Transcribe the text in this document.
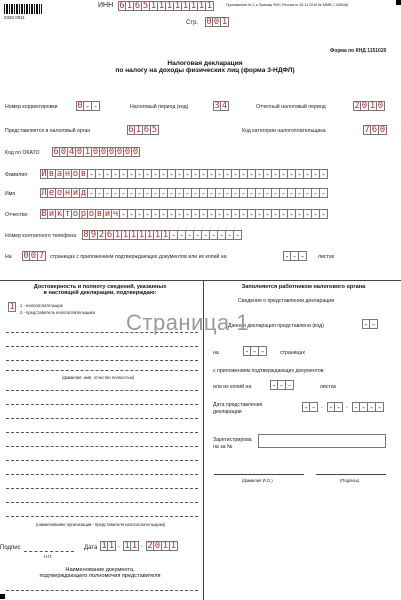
0320 0011
ИНН 6 1 6 5 1 1 1 1 1 1 1 1	Приложение № 1 к Приказу ФНС России от 25.11.2010 № ММВ-7-3/654@
Стр. 0 0 1
Форма по КНД 1151020
Налоговая декларация
по налогу на доходы физических лиц (форма 3-НДФЛ)
Номер корректировки 0 - -	Налоговый период (код)	3 4	Отчетный налоговый период	2 0 1 0
Представляется в налоговый орган	6 1 6 5	Код категории налогоплательщика	7 6 0
Код по ОКАТО 6 0 4 0 1 0 0 0 0 0 0
Фамилия И в а н о в - - - - - - - - - - - - - - - - - - - - - - - - - - - - - -
Имя	Л е о н и д - - - - - - - - - - - - - - - - - - - - - - - - - - - - - -
Отчество В и к т о р о в и ч - - - - - - - - - - - - - - - - - - - - - - - - - -
Номер контактного телефона 8 9 2 6 1 1 1 1 1 1 1 - - - - - - - - -
На 0 0 7	страницах с приложением подтверждающих документов или их копий на	- - -	листах
Достоверность и полноту сведений, указанных
в настоящей декларации, подтверждаю:
1	1 - налогоплательщик
2 - представитель налогоплательщика
(фамилия, имя, отчество полностью)
(наименование организации - представителя налогоплательщика)
Подпис
Н.П.
Дата 1 1 . 1 1 . 2 0 1 1
Наименование документа,
подтверждающего полномочия представителя
Заполняется работником налогового органа
Сведения о представлении декларации
Данная декларация представлена (код)	- -
на	- - -	страницах
с приложением подтверждающих документов
или их копий на	- - -	листах
Дата представления
декларации	- - . - - . - - - -
Зарегистрирова
на за №
(фамилия И.О.)	(Подпись)
Страница 1
